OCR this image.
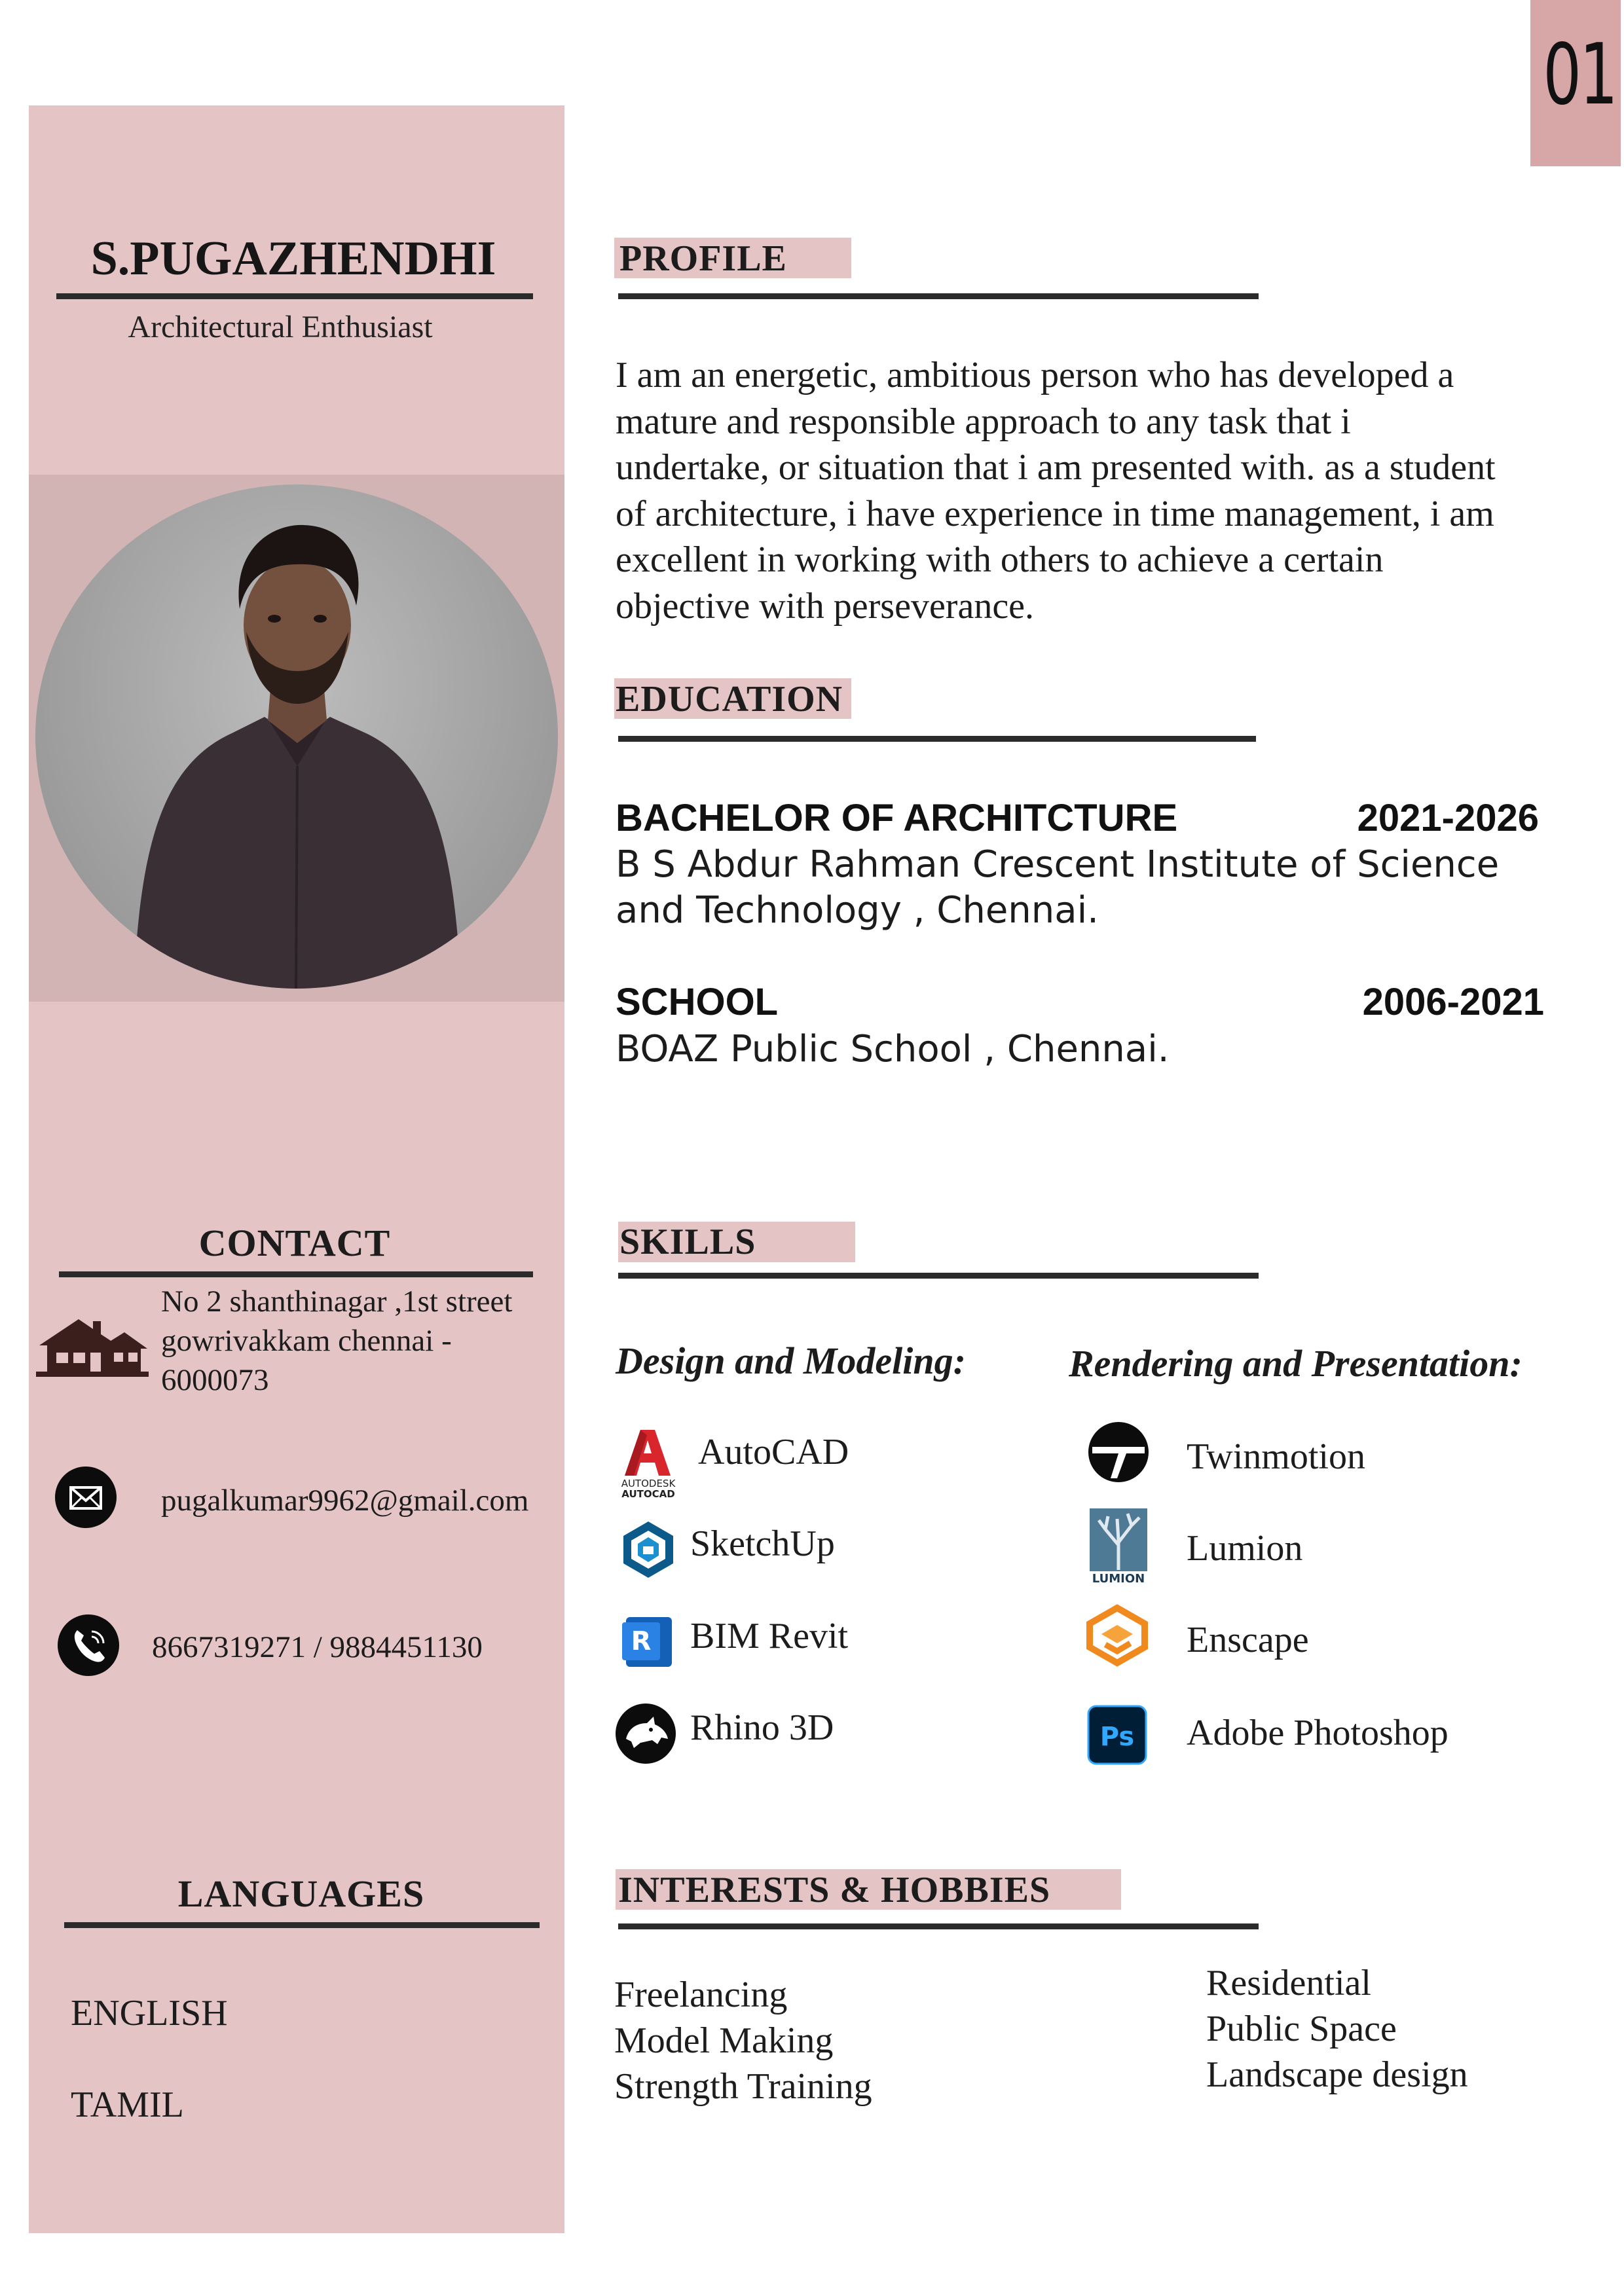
01
S.PUGAZHENDHI
Architectural Enthusiast
CONTACT
No 2 shanthinagar ,1st street
gowrivakkam chennai -
6000073
pugalkumar9962@gmail.com
8667319271 / 9884451130
LANGUAGES
ENGLISH
TAMIL
PROFILE
I am an energetic, ambitious person who has developed a
mature and responsible approach to any task that i
undertake, or situation that i am presented with. as a student
of architecture, i have experience in time management, i am
excellent in working with others to achieve a certain
objective with perseverance.
EDUCATION
BACHELOR OF ARCHITCTURE	2021-2026
B S Abdur Rahman Crescent Institute of Science
and Technology , Chennai.
SCHOOL	2006-2021
BOAZ Public School , Chennai.
SKILLS
Design and Modeling:	Rendering and Presentation:
AUTODESK
AUTOCAD
AutoCAD
SketchUp
R BIM Revit
Rhino 3D
Twinmotion
LUMION
Lumion
Enscape
Ps Adobe Photoshop
INTERESTS & HOBBIES
Freelancing
Model Making
Strength Training
Residential
Public Space
Landscape design
